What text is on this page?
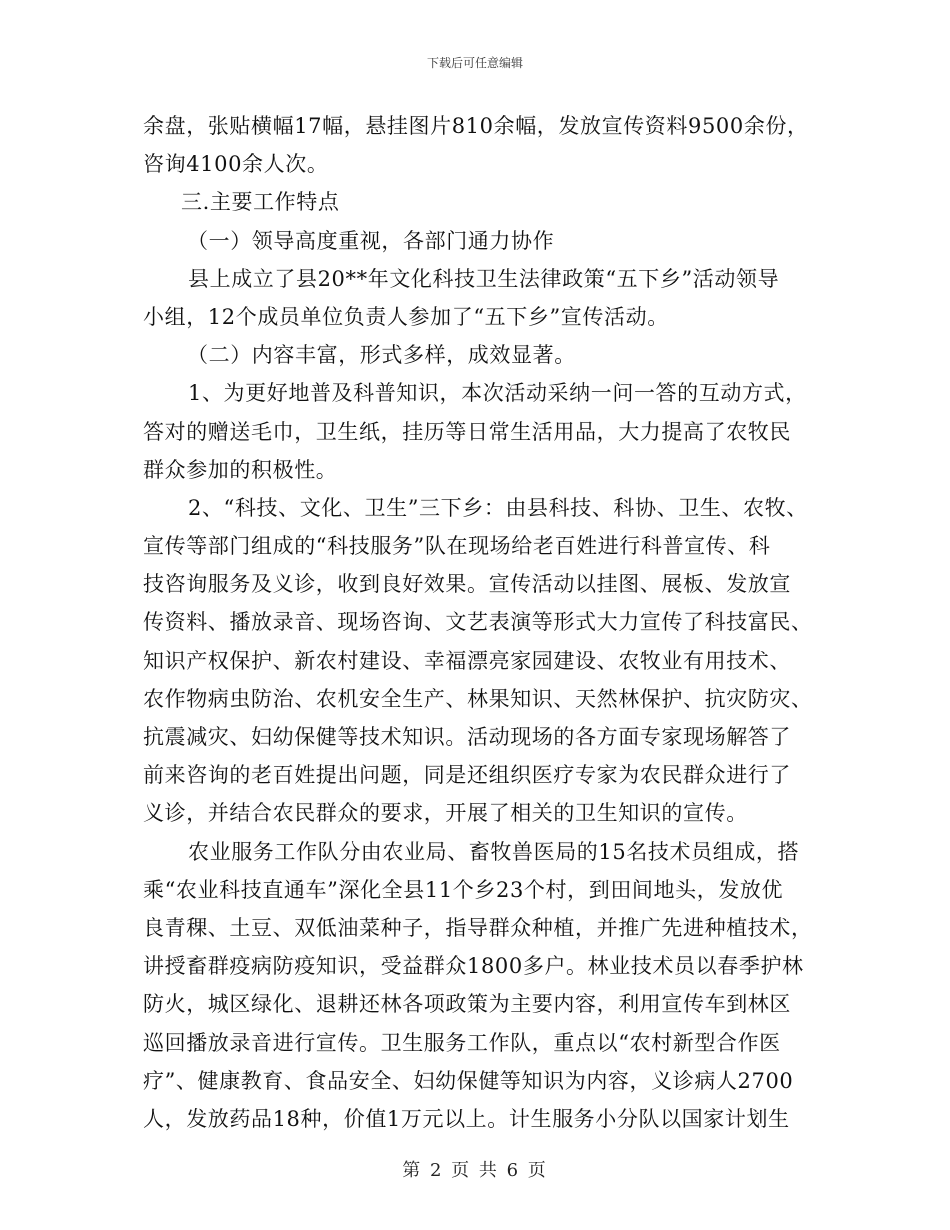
下载后可任意编辑
余盘，张贴横幅17幅，悬挂图片810余幅，发放宣传资料9500余份，
咨询4100余人次。
三.主要工作特点
（一）领导高度重视，各部门通力协作
县上成立了县20**年文化科技卫生法律政策“五下乡”活动领导
小组，12个成员单位负责人参加了“五下乡”宣传活动。
（二）内容丰富，形式多样，成效显著。
1、为更好地普及科普知识，本次活动采纳一问一答的互动方式，
答对的赠送毛巾，卫生纸，挂历等日常生活用品，大力提高了农牧民
群众参加的积极性。
2、“科技、文化、卫生”三下乡：由县科技、科协、卫生、农牧、
宣传等部门组成的“科技服务”队在现场给老百姓进行科普宣传、科
技咨询服务及义诊，收到良好效果。宣传活动以挂图、展板、发放宣
传资料、播放录音、现场咨询、文艺表演等形式大力宣传了科技富民、
知识产权保护、新农村建设、幸福漂亮家园建设、农牧业有用技术、
农作物病虫防治、农机安全生产、林果知识、天然林保护、抗灾防灾、
抗震减灾、妇幼保健等技术知识。活动现场的各方面专家现场解答了
前来咨询的老百姓提出问题，同是还组织医疗专家为农民群众进行了
义诊，并结合农民群众的要求，开展了相关的卫生知识的宣传。
农业服务工作队分由农业局、畜牧兽医局的15名技术员组成，搭
乘“农业科技直通车”深化全县11个乡23个村，到田间地头，发放优
良青稞、土豆、双低油菜种子，指导群众种植，并推广先进种植技术，
讲授畜群疫病防疫知识，受益群众1800多户。林业技术员以春季护林
防火，城区绿化、退耕还林各项政策为主要内容，利用宣传车到林区
巡回播放录音进行宣传。卫生服务工作队，重点以“农村新型合作医
疗”、健康教育、食品安全、妇幼保健等知识为内容，义诊病人2700
人，发放药品18种，价值1万元以上。计生服务小分队以国家计划生
第 2 页 共 6 页
